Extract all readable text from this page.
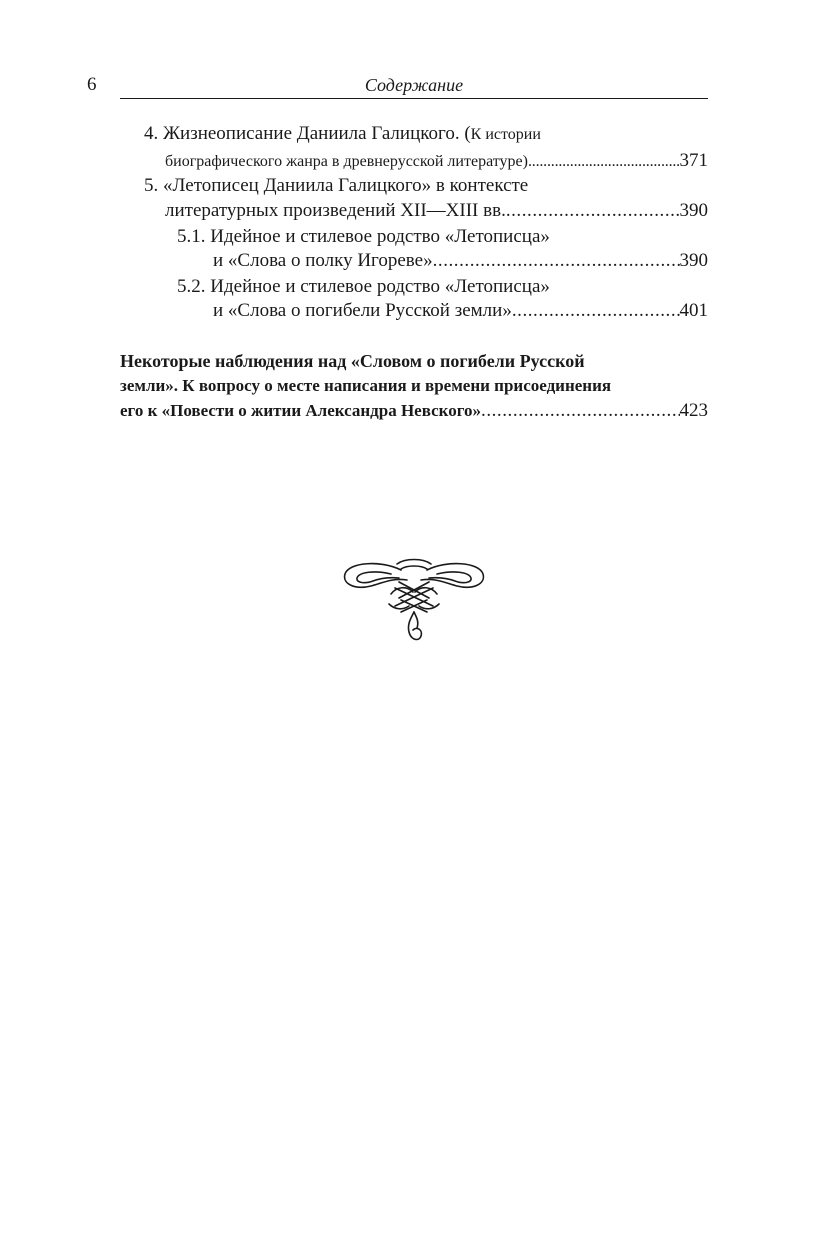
6	Содержание
4. Жизнеописание Даниила Галицкого. (К истории
биографического жанра в древнерусской литературе) . . .	371
5. «Летописец Даниила Галицкого» в контексте
литературных произведений XII—XIII вв. . . .	390
5.1. Идейное и стилевое родство «Летописца»
и «Слова о полку Игореве» . . .	390
5.2. Идейное и стилевое родство «Летописца»
и «Слова о погибели Русской земли» . . .	401
Некоторые наблюдения над «Словом о погибели Русской
земли». К вопросу о месте написания и времени присоединения
его к «Повести о житии Александра Невского» . . .	423
